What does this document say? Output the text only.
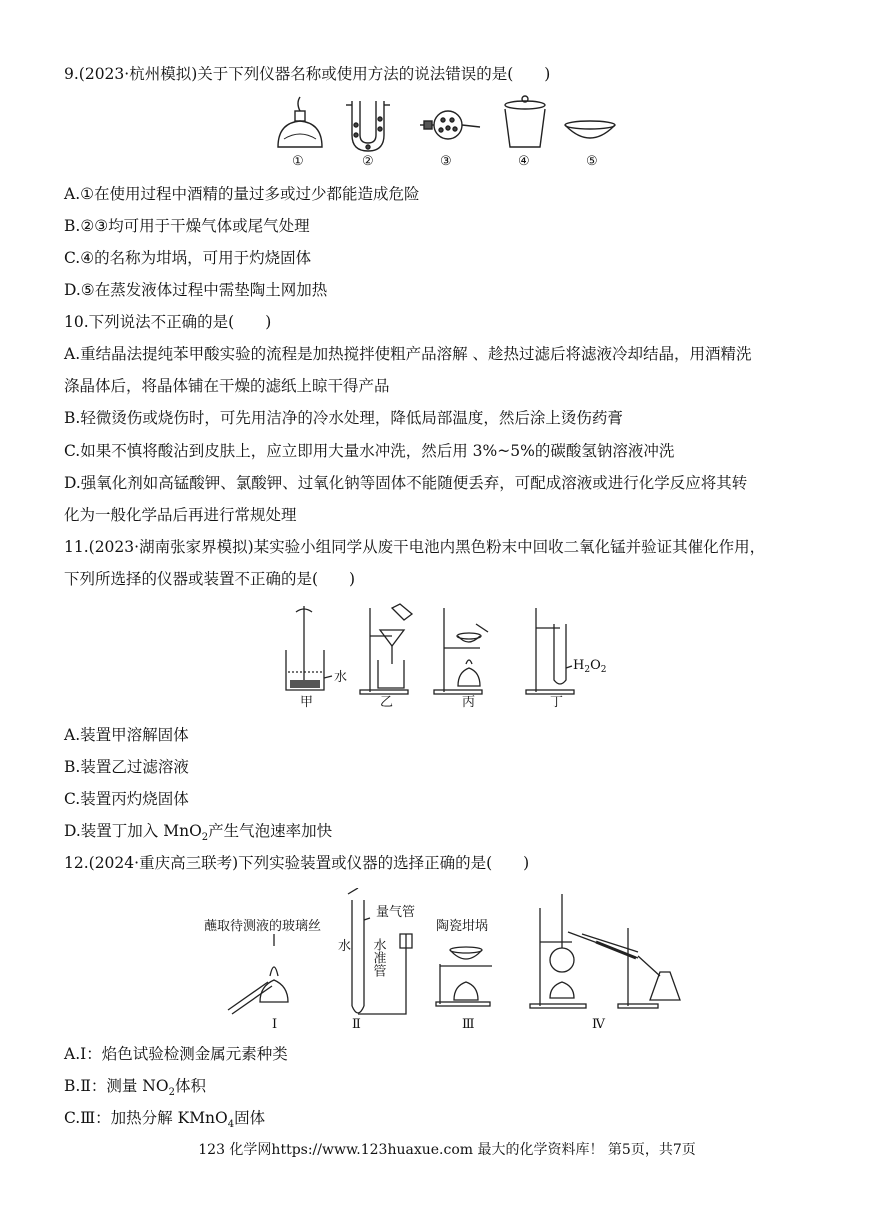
9.(2023·杭州模拟)关于下列仪器名称或使用方法的说法错误的是(　　)
①	②	③	④	⑤
A.①在使用过程中酒精的量过多或过少都能造成危险
B.②③均可用于干燥气体或尾气处理
C.④的名称为坩埚，可用于灼烧固体
D.⑤在蒸发液体过程中需垫陶土网加热
10.下列说法不正确的是(　　)
A.重结晶法提纯苯甲酸实验的流程是加热搅拌使粗产品溶解 、趁热过滤后将滤液冷却结晶，用酒精洗
涤晶体后，将晶体铺在干燥的滤纸上晾干得产品
B.轻微烫伤或烧伤时，可先用洁净的冷水处理，降低局部温度，然后涂上烫伤药膏
C.如果不慎将酸沾到皮肤上，应立即用大量水冲洗，然后用 3%~5%的碳酸氢钠溶液冲洗
D.强氧化剂如高锰酸钾、氯酸钾、过氧化钠等固体不能随便丢弃，可配成溶液或进行化学反应将其转
化为一般化学品后再进行常规处理
11.(2023·湖南张家界模拟)某实验小组同学从废干电池内黑色粉末中回收二氧化锰并验证其催化作用，
下列所选择的仪器或装置不正确的是(　　)
水
甲	乙	丙
$H_2O_2$
丁
A.装置甲溶解固体
B.装置乙过滤溶液
C.装置丙灼烧固体
D.装置丁加入 MnO$_2$产生气泡速率加快
12.(2024·重庆高三联考)下列实验装置或仪器的选择正确的是(　　)
蘸取待测液的玻璃丝
Ⅰ
量气管
水 水准管
Ⅱ
陶瓷坩埚
Ⅲ	Ⅳ
A.Ⅰ：焰色试验检测金属元素种类
B.Ⅱ：测量 $NO_2$体积
C.Ⅲ：加热分解 KMnO$_4$固体
123 化学网https://www.123huaxue.com 最大的化学资料库！ 第5页，共7页
